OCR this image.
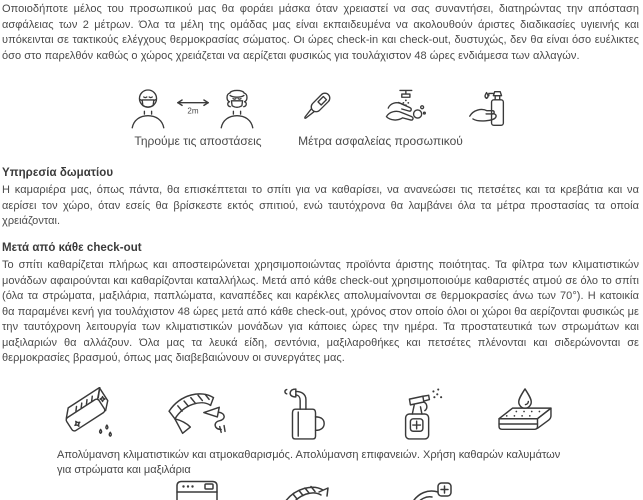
Οποιοδήποτε μέλος του προσωπικού μας θα φοράει μάσκα όταν χρειαστεί να σας συναντήσει, διατηρώντας την απόσταση ασφάλειας των 2 μέτρων. Όλα τα μέλη της ομάδας μας είναι εκπαιδευμένα να ακολουθούν άριστες διαδικασίες υγιεινής και υπόκεινται σε τακτικούς ελέγχους θερμοκρασίας σώματος. Οι ώρες check-in και check-out, δυστυχώς, δεν θα είναι όσο ευέλικτες όσο στο παρελθόν καθώς ο χώρος χρειάζεται να αερίζεται φυσικώς για τουλάχιστον 48 ώρες ενδιάμεσα των αλλαγών.
2m
Τηρούμε τις αποστάσεις	Μέτρα ασφαλείας προσωπικού
Υπηρεσία δωματίου
Η καμαριέρα μας, όπως πάντα, θα επισκέπτεται το σπίτι για να καθαρίσει, να ανανεώσει τις πετσέτες και τα κρεβάτια και να αερίσει τον χώρο, όταν εσείς θα βρίσκεστε εκτός σπιτιού, ενώ ταυτόχρονα θα λαμβάνει όλα τα μέτρα προστασίας τα οποία χρειάζονται.
Μετά από κάθε check-out
Το σπίτι καθαρίζεται πλήρως και αποστειρώνεται χρησιμοποιώντας προϊόντα άριστης ποιότητας. Τα φίλτρα των κλιματιστικών μονάδων αφαιρούνται και καθαρίζονται καταλλήλως. Μετά από κάθε check-out χρησιμοποιούμε καθαριστές ατμού σε όλο το σπίτι (όλα τα στρώματα, μαξιλάρια, παπλώματα, καναπέδες και καρέκλες απολυμαίνονται σε θερμοκρασίες άνω των 70°). Η κατοικία θα παραμένει κενή για τουλάχιστον 48 ώρες μετά από κάθε check-out, χρόνος στον οποίο όλοι οι χώροι θα αερίζονται φυσικώς με την ταυτόχρονη λειτουργία των κλιματιστικών μονάδων για κάποιες ώρες την ημέρα. Τα προστατευτικά των στρωμάτων και μαξιλαριών θα αλλάζουν. Όλα μας τα λευκά είδη, σεντόνια, μαξιλαροθήκες και πετσέτες πλένονται και σιδερώνονται σε θερμοκρασίες βρασμού, όπως μας διαβεβαιώνουν οι συνεργάτες μας.
Απολύμανση κλιματιστικών και ατμοκαθαρισμός. Απολύμανση επιφανειών. Χρήση καθαρών καλυμάτων για στρώματα και μαξιλάρια
